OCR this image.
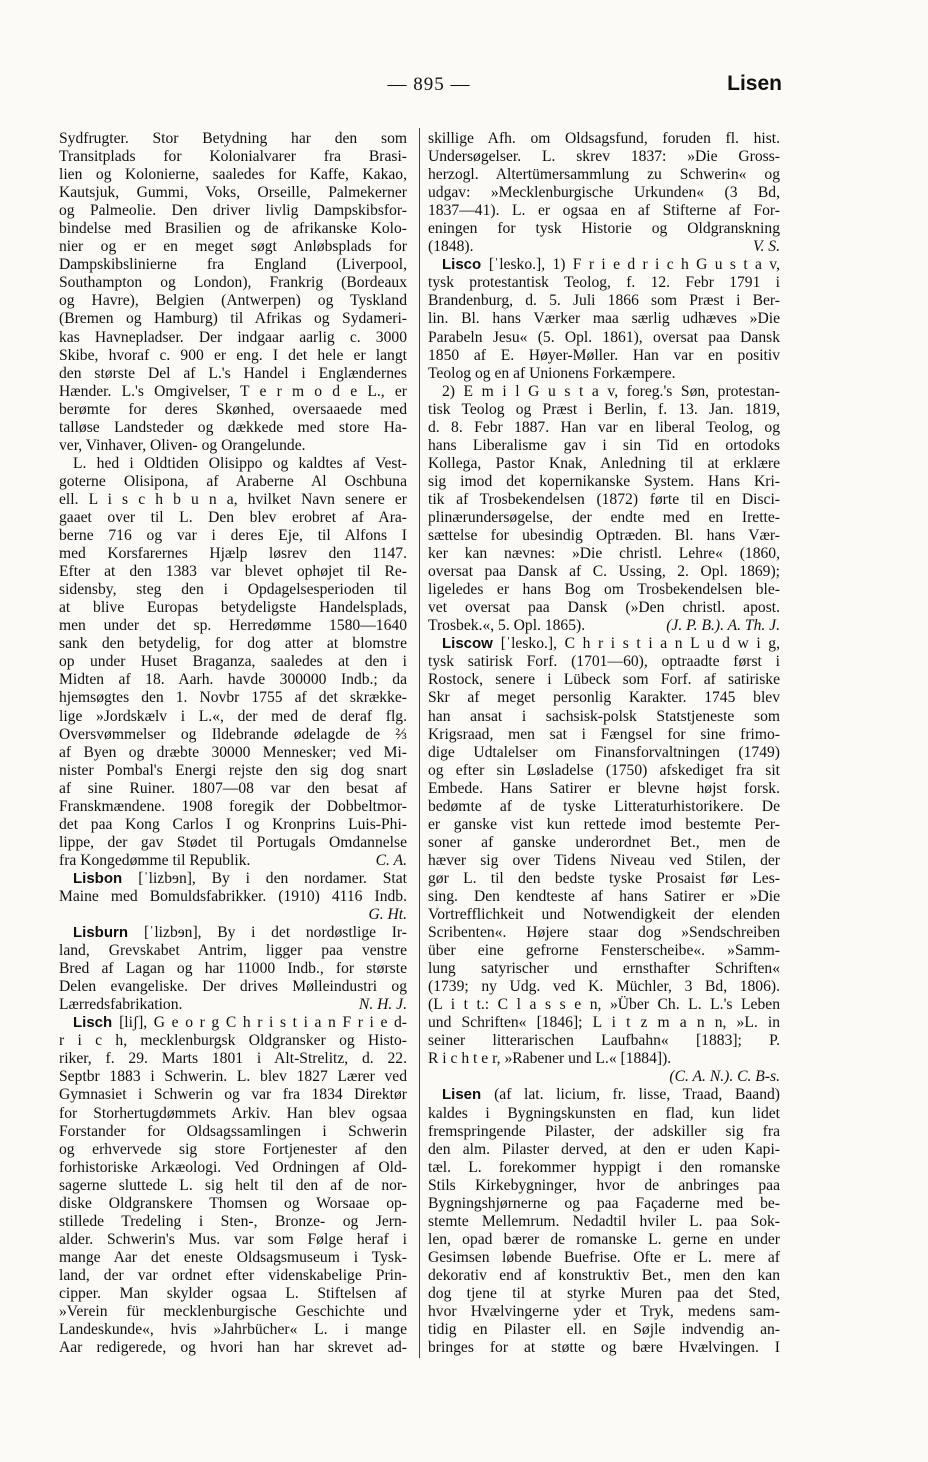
— 895 —	Lisen
Sydfrugter. Stor Betydning har den som
Transitplads for Kolonialvarer fra Brasi-
lien og Kolonierne, saaledes for Kaffe, Kakao,
Kautsjuk, Gummi, Voks, Orseille, Palmekerner
og Palmeolie. Den driver livlig Dampskibsfor-
bindelse med Brasilien og de afrikanske Kolo-
nier og er en meget søgt Anløbsplads for
Dampskibslinierne fra England (Liverpool,
Southampton og London), Frankrig (Bordeaux
og Havre), Belgien (Antwerpen) og Tyskland
(Bremen og Hamburg) til Afrikas og Sydameri-
kas Havnepladser. Der indgaar aarlig c. 3000
Skibe, hvoraf c. 900 er eng. I det hele er langt
den største Del af L.'s Handel i Englændernes
Hænder. L.'s Omgivelser, T e r m o d e L., er
berømte for deres Skønhed, oversaaede med
talløse Landsteder og dækkede med store Ha-
ver, Vinhaver, Oliven- og Orangelunde.
L. hed i Oldtiden Olisippo og kaldtes af Vest-
goterne Olisipona, af Araberne Al Oschbuna
ell. L i s c h b u n a, hvilket Navn senere er
gaaet over til L. Den blev erobret af Ara-
berne 716 og var i deres Eje, til Alfons I
med Korsfarernes Hjælp løsrev den 1147.
Efter at den 1383 var blevet ophøjet til Re-
sidensby, steg den i Opdagelsesperioden til
at blive Europas betydeligste Handelsplads,
men under det sp. Herredømme 1580—1640
sank den betydelig, for dog atter at blomstre
op under Huset Braganza, saaledes at den i
Midten af 18. Aarh. havde 300000 Indb.; da
hjemsøgtes den 1. Novbr 1755 af det skrække-
lige »Jordskælv i L.«, der med de deraf flg.
Oversvømmelser og Ildebrande ødelagde de ⅔
af Byen og dræbte 30000 Mennesker; ved Mi-
nister Pombal's Energi rejste den sig dog snart
af sine Ruiner. 1807—08 var den besat af
Franskmændene. 1908 foregik der Dobbeltmor-
det paa Kong Carlos I og Kronprins Luis-Phi-
lippe, der gav Stødet til Portugals Omdannelse
fra Kongedømme til Republik.	C. A.
Lisbon [ˈlizbɘn], By i den nordamer. Stat
Maine med Bomuldsfabrikker. (1910) 4116 Indb.
G. Ht.
Lisburn [ˈlizbɘn], By i det nordøstlige Ir-
land, Grevskabet Antrim, ligger paa venstre
Bred af Lagan og har 11000 Indb., for største
Delen evangeliske. Der drives Mølleindustri og
Lærredsfabrikation.	N. H. J.
Lisch [liʃ], G e o r g C h r i s t i a n F r i e d-
r i c h, mecklenburgsk Oldgransker og Histo-
riker, f. 29. Marts 1801 i Alt-Strelitz, d. 22.
Septbr 1883 i Schwerin. L. blev 1827 Lærer ved
Gymnasiet i Schwerin og var fra 1834 Direktør
for Storhertugdømmets Arkiv. Han blev ogsaa
Forstander for Oldsagssamlingen i Schwerin
og erhvervede sig store Fortjenester af den
forhistoriske Arkæologi. Ved Ordningen af Old-
sagerne sluttede L. sig helt til den af de nor-
diske Oldgranskere Thomsen og Worsaae op-
stillede Tredeling i Sten-, Bronze- og Jern-
alder. Schwerin's Mus. var som Følge heraf i
mange Aar det eneste Oldsagsmuseum i Tysk-
land, der var ordnet efter videnskabelige Prin-
cipper. Man skylder ogsaa L. Stiftelsen af
»Verein für mecklenburgische Geschichte und
Landeskunde«, hvis »Jahrbücher« L. i mange
Aar redigerede, og hvori han har skrevet ad-
skillige Afh. om Oldsagsfund, foruden fl. hist.
Undersøgelser. L. skrev 1837: »Die Gross-
herzogl. Altertümersammlung zu Schwerin« og
udgav: »Mecklenburgische Urkunden« (3 Bd,
1837—41). L. er ogsaa en af Stifterne af For-
eningen for tysk Historie og Oldgranskning
(1848).	V. S.
Lisco [ˈlesko.], 1) F r i e d r i c h G u s t a v,
tysk protestantisk Teolog, f. 12. Febr 1791 i
Brandenburg, d. 5. Juli 1866 som Præst i Ber-
lin. Bl. hans Værker maa særlig udhæves »Die
Parabeln Jesu« (5. Opl. 1861), oversat paa Dansk
1850 af E. Høyer-Møller. Han var en positiv
Teolog og en af Unionens Forkæmpere.
2) E m i l G u s t a v, foreg.'s Søn, protestan-
tisk Teolog og Præst i Berlin, f. 13. Jan. 1819,
d. 8. Febr 1887. Han var en liberal Teolog, og
hans Liberalisme gav i sin Tid en ortodoks
Kollega, Pastor Knak, Anledning til at erklære
sig imod det kopernikanske System. Hans Kri-
tik af Trosbekendelsen (1872) førte til en Disci-
plinærundersøgelse, der endte med en Irette-
sættelse for ubesindig Optræden. Bl. hans Vær-
ker kan nævnes: »Die christl. Lehre« (1860,
oversat paa Dansk af C. Ussing, 2. Opl. 1869);
ligeledes er hans Bog om Trosbekendelsen ble-
vet oversat paa Dansk (»Den christl. apost.
Trosbek.«, 5. Opl. 1865).	(J. P. B.). A. Th. J.
Liscow [ˈlesko.], C h r i s t i a n L u d w i g,
tysk satirisk Forf. (1701—60), optraadte først i
Rostock, senere i Lübeck som Forf. af satiriske
Skr af meget personlig Karakter. 1745 blev
han ansat i sachsisk-polsk Statstjeneste som
Krigsraad, men sat i Fængsel for sine frimo-
dige Udtalelser om Finansforvaltningen (1749)
og efter sin Løsladelse (1750) afskediget fra sit
Embede. Hans Satirer er blevne højst forsk.
bedømte af de tyske Litteraturhistorikere. De
er ganske vist kun rettede imod bestemte Per-
soner af ganske underordnet Bet., men de
hæver sig over Tidens Niveau ved Stilen, der
gør L. til den bedste tyske Prosaist før Les-
sing. Den kendteste af hans Satirer er »Die
Vortrefflichkeit und Notwendigkeit der elenden
Scribenten«. Højere staar dog »Sendschreiben
über eine gefrorne Fensterscheibe«. »Samm-
lung satyrischer und ernsthafter Schriften«
(1739; ny Udg. ved K. Müchler, 3 Bd, 1806).
(L i t t.: C l a s s e n, »Über Ch. L. L.'s Leben
und Schriften« [1846]; L i t z m a n n, »L. in
seiner litterarischen Laufbahn« [1883]; P.
R i c h t e r, »Rabener und L.« [1884]).
(C. A. N.). C. B-s.
Lisen (af lat. licium, fr. lisse, Traad, Baand)
kaldes i Bygningskunsten en flad, kun lidet
fremspringende Pilaster, der adskiller sig fra
den alm. Pilaster derved, at den er uden Kapi-
tæl. L. forekommer hyppigt i den romanske
Stils Kirkebygninger, hvor de anbringes paa
Bygningshjørnerne og paa Façaderne med be-
stemte Mellemrum. Nedadtil hviler L. paa Sok-
len, opad bærer de romanske L. gerne en under
Gesimsen løbende Buefrise. Ofte er L. mere af
dekorativ end af konstruktiv Bet., men den kan
dog tjene til at styrke Muren paa det Sted,
hvor Hvælvingerne yder et Tryk, medens sam-
tidig en Pilaster ell. en Søjle indvendig an-
bringes for at støtte og bære Hvælvingen. I
